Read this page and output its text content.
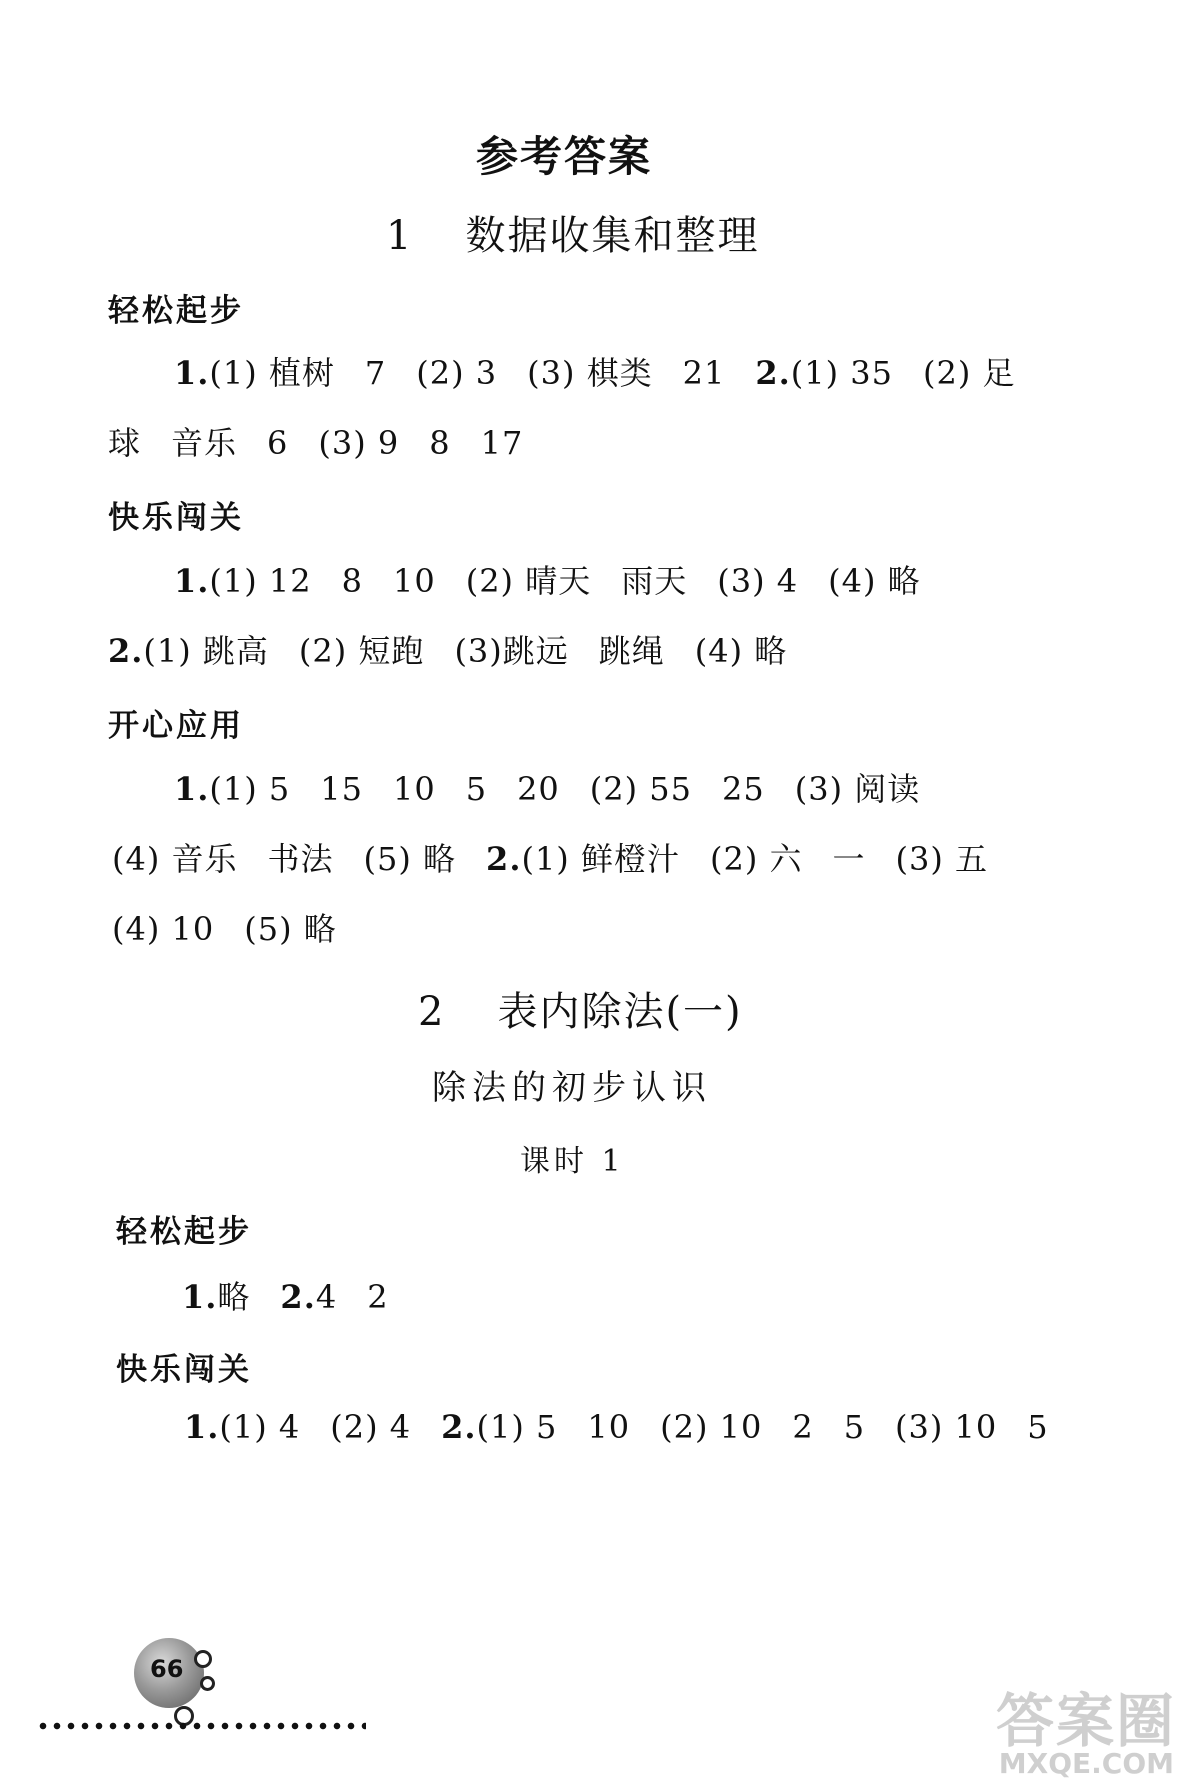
参考答案
1 数据收集和整理
轻松起步
1.(1) 植树 7 (2) 3 (3) 棋类 21 2.(1) 35 (2) 足
球 音乐 6 (3) 9 8 17
快乐闯关
1.(1) 12 8 10 (2) 晴天 雨天 (3) 4 (4) 略
2.(1) 跳高 (2) 短跑 (3)跳远 跳绳 (4) 略
开心应用
1.(1) 5 15 10 5 20 (2) 55 25 (3) 阅读
(4) 音乐 书法 (5) 略 2.(1) 鲜橙汁 (2) 六 一 (3) 五
(4) 10 (5) 略
2 表内除法(一)
除法的初步认识
课时 1
轻松起步
1.略 2.4 2
快乐闯关
1.(1) 4 (2) 4 2.(1) 5 10 (2) 10 2 5 (3) 10 5
66
答案圈
MXQE.COM
